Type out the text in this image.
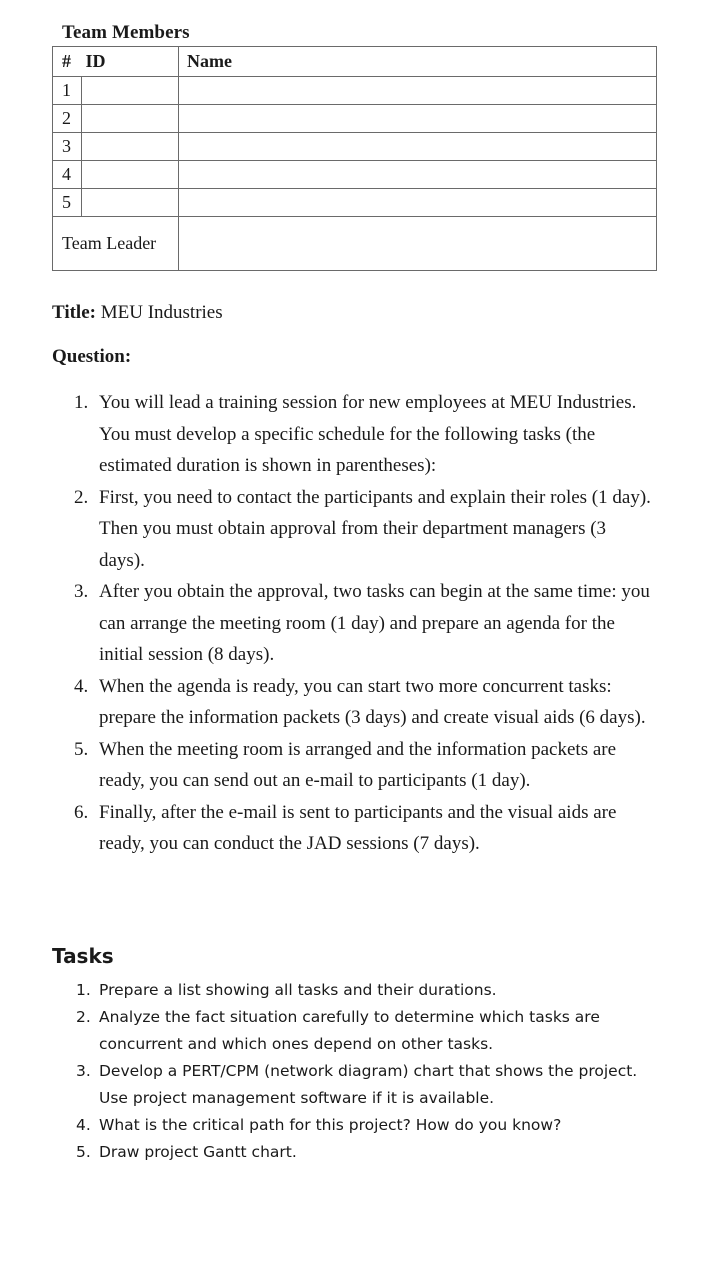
Team Members
#	ID	Name
1		
2		
3		
4		
5		
Team Leader		
Title: MEU Industries
Question:
1. You will lead a training session for new employees at MEU Industries. You must develop a specific schedule for the following tasks (the estimated duration is shown in parentheses):
2. First, you need to contact the participants and explain their roles (1 day). Then you must obtain approval from their department managers (3 days).
3. After you obtain the approval, two tasks can begin at the same time: you can arrange the meeting room (1 day) and prepare an agenda for the initial session (8 days).
4. When the agenda is ready, you can start two more concurrent tasks: prepare the information packets (3 days) and create visual aids (6 days).
5. When the meeting room is arranged and the information packets are ready, you can send out an e-mail to participants (1 day).
6. Finally, after the e-mail is sent to participants and the visual aids are ready, you can conduct the JAD sessions (7 days).
Tasks
1. Prepare a list showing all tasks and their durations.
2. Analyze the fact situation carefully to determine which tasks are concurrent and which ones depend on other tasks.
3. Develop a PERT/CPM (network diagram) chart that shows the project. Use project management software if it is available.
4. What is the critical path for this project? How do you know?
5. Draw project Gantt chart.
